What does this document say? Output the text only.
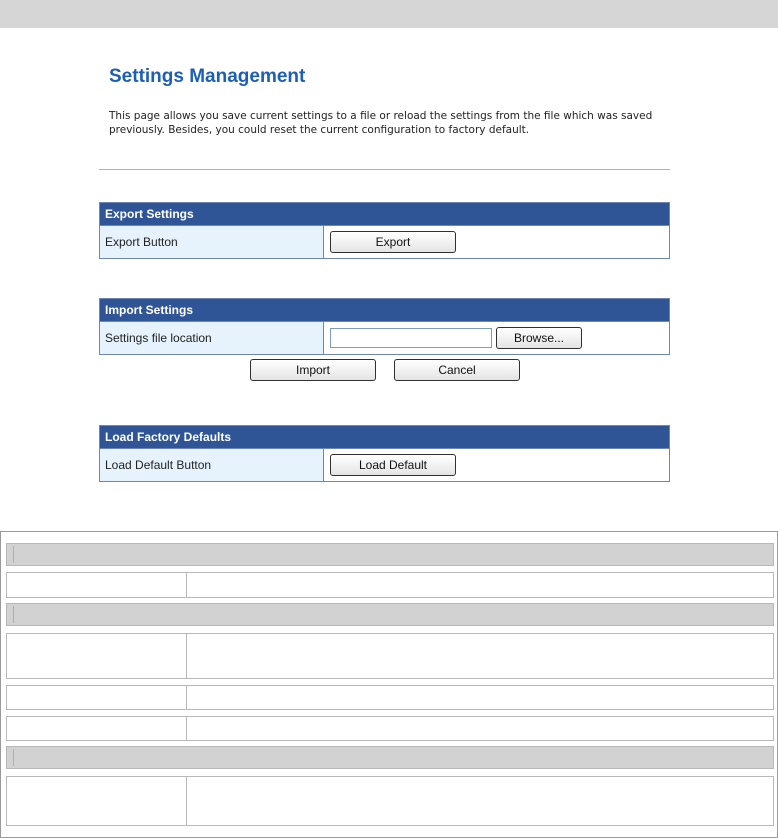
Settings Management
This page allows you save current settings to a file or reload the settings from the file which was saved previously. Besides, you could reset the current configuration to factory default.
Export Settings
Export Button	Export
Import Settings
Settings file location	Browse...
Import	Cancel
Load Factory Defaults
Load Default Button	Load Default
